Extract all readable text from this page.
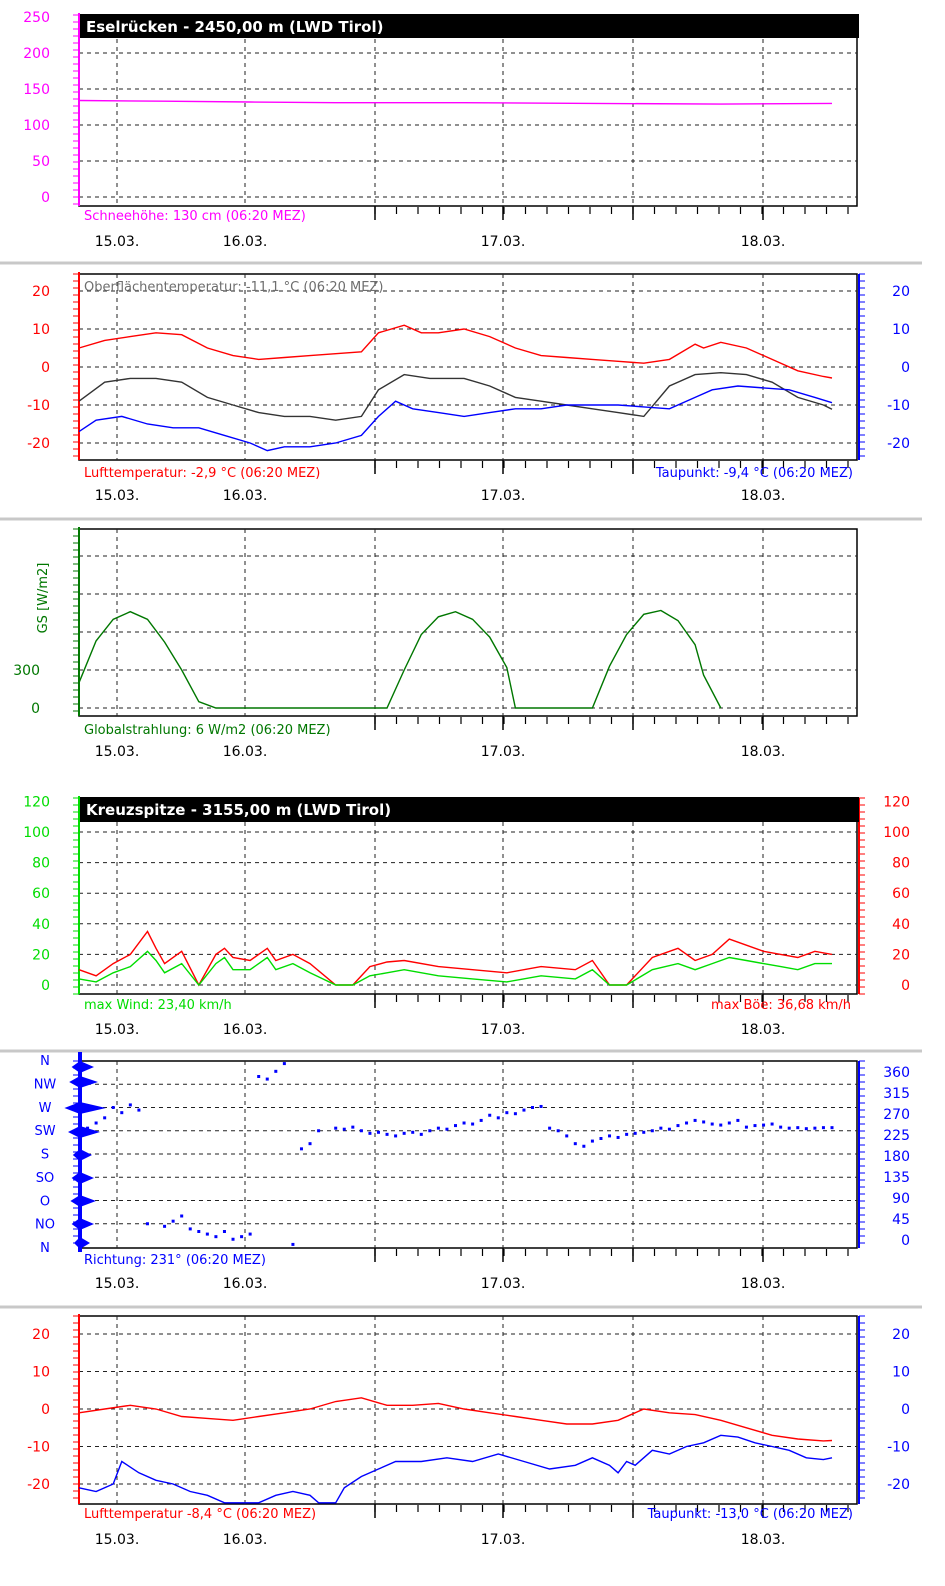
250
200
150
100
50
0
15.03.	16.03.	17.03.	18.03.
Eselrücken - 2450,00 m (LWD Tirol)
Schneehöhe: 130 cm (06:20 MEZ)
20
10
0
-10
-20
20
10
0
-10
-20
15.03.	16.03.	17.03.	18.03.
Oberflächentemperatur: -11,1 °C (06:20 MEZ)
Lufttemperatur: -2,9 °C (06:20 MEZ)	Taupunkt: -9,4 °C (06:20 MEZ)
300
0
15.03.	16.03.	17.03.	18.03.
GS [W/m2]
Globalstrahlung: 6 W/m2 (06:20 MEZ)
120
100
80
60
40
20
0
120
100
80
60
40
20
0
15.03.	16.03.	17.03.	18.03.
Kreuzspitze - 3155,00 m (LWD Tirol)
max Wind: 23,40 km/h	max Böe: 36,68 km/h
N
NW
W
SW
S
SO
O
NO
N
360
315
270
225
180
135
90
45
0
15.03.	16.03.	17.03.	18.03.
Richtung: 231° (06:20 MEZ)
20
10
0
-10
-20
20
10
0
-10
-20
15.03.	16.03.	17.03.	18.03.
Lufttemperatur -8,4 °C (06:20 MEZ)	Taupunkt: -13,0 °C (06:20 MEZ)
